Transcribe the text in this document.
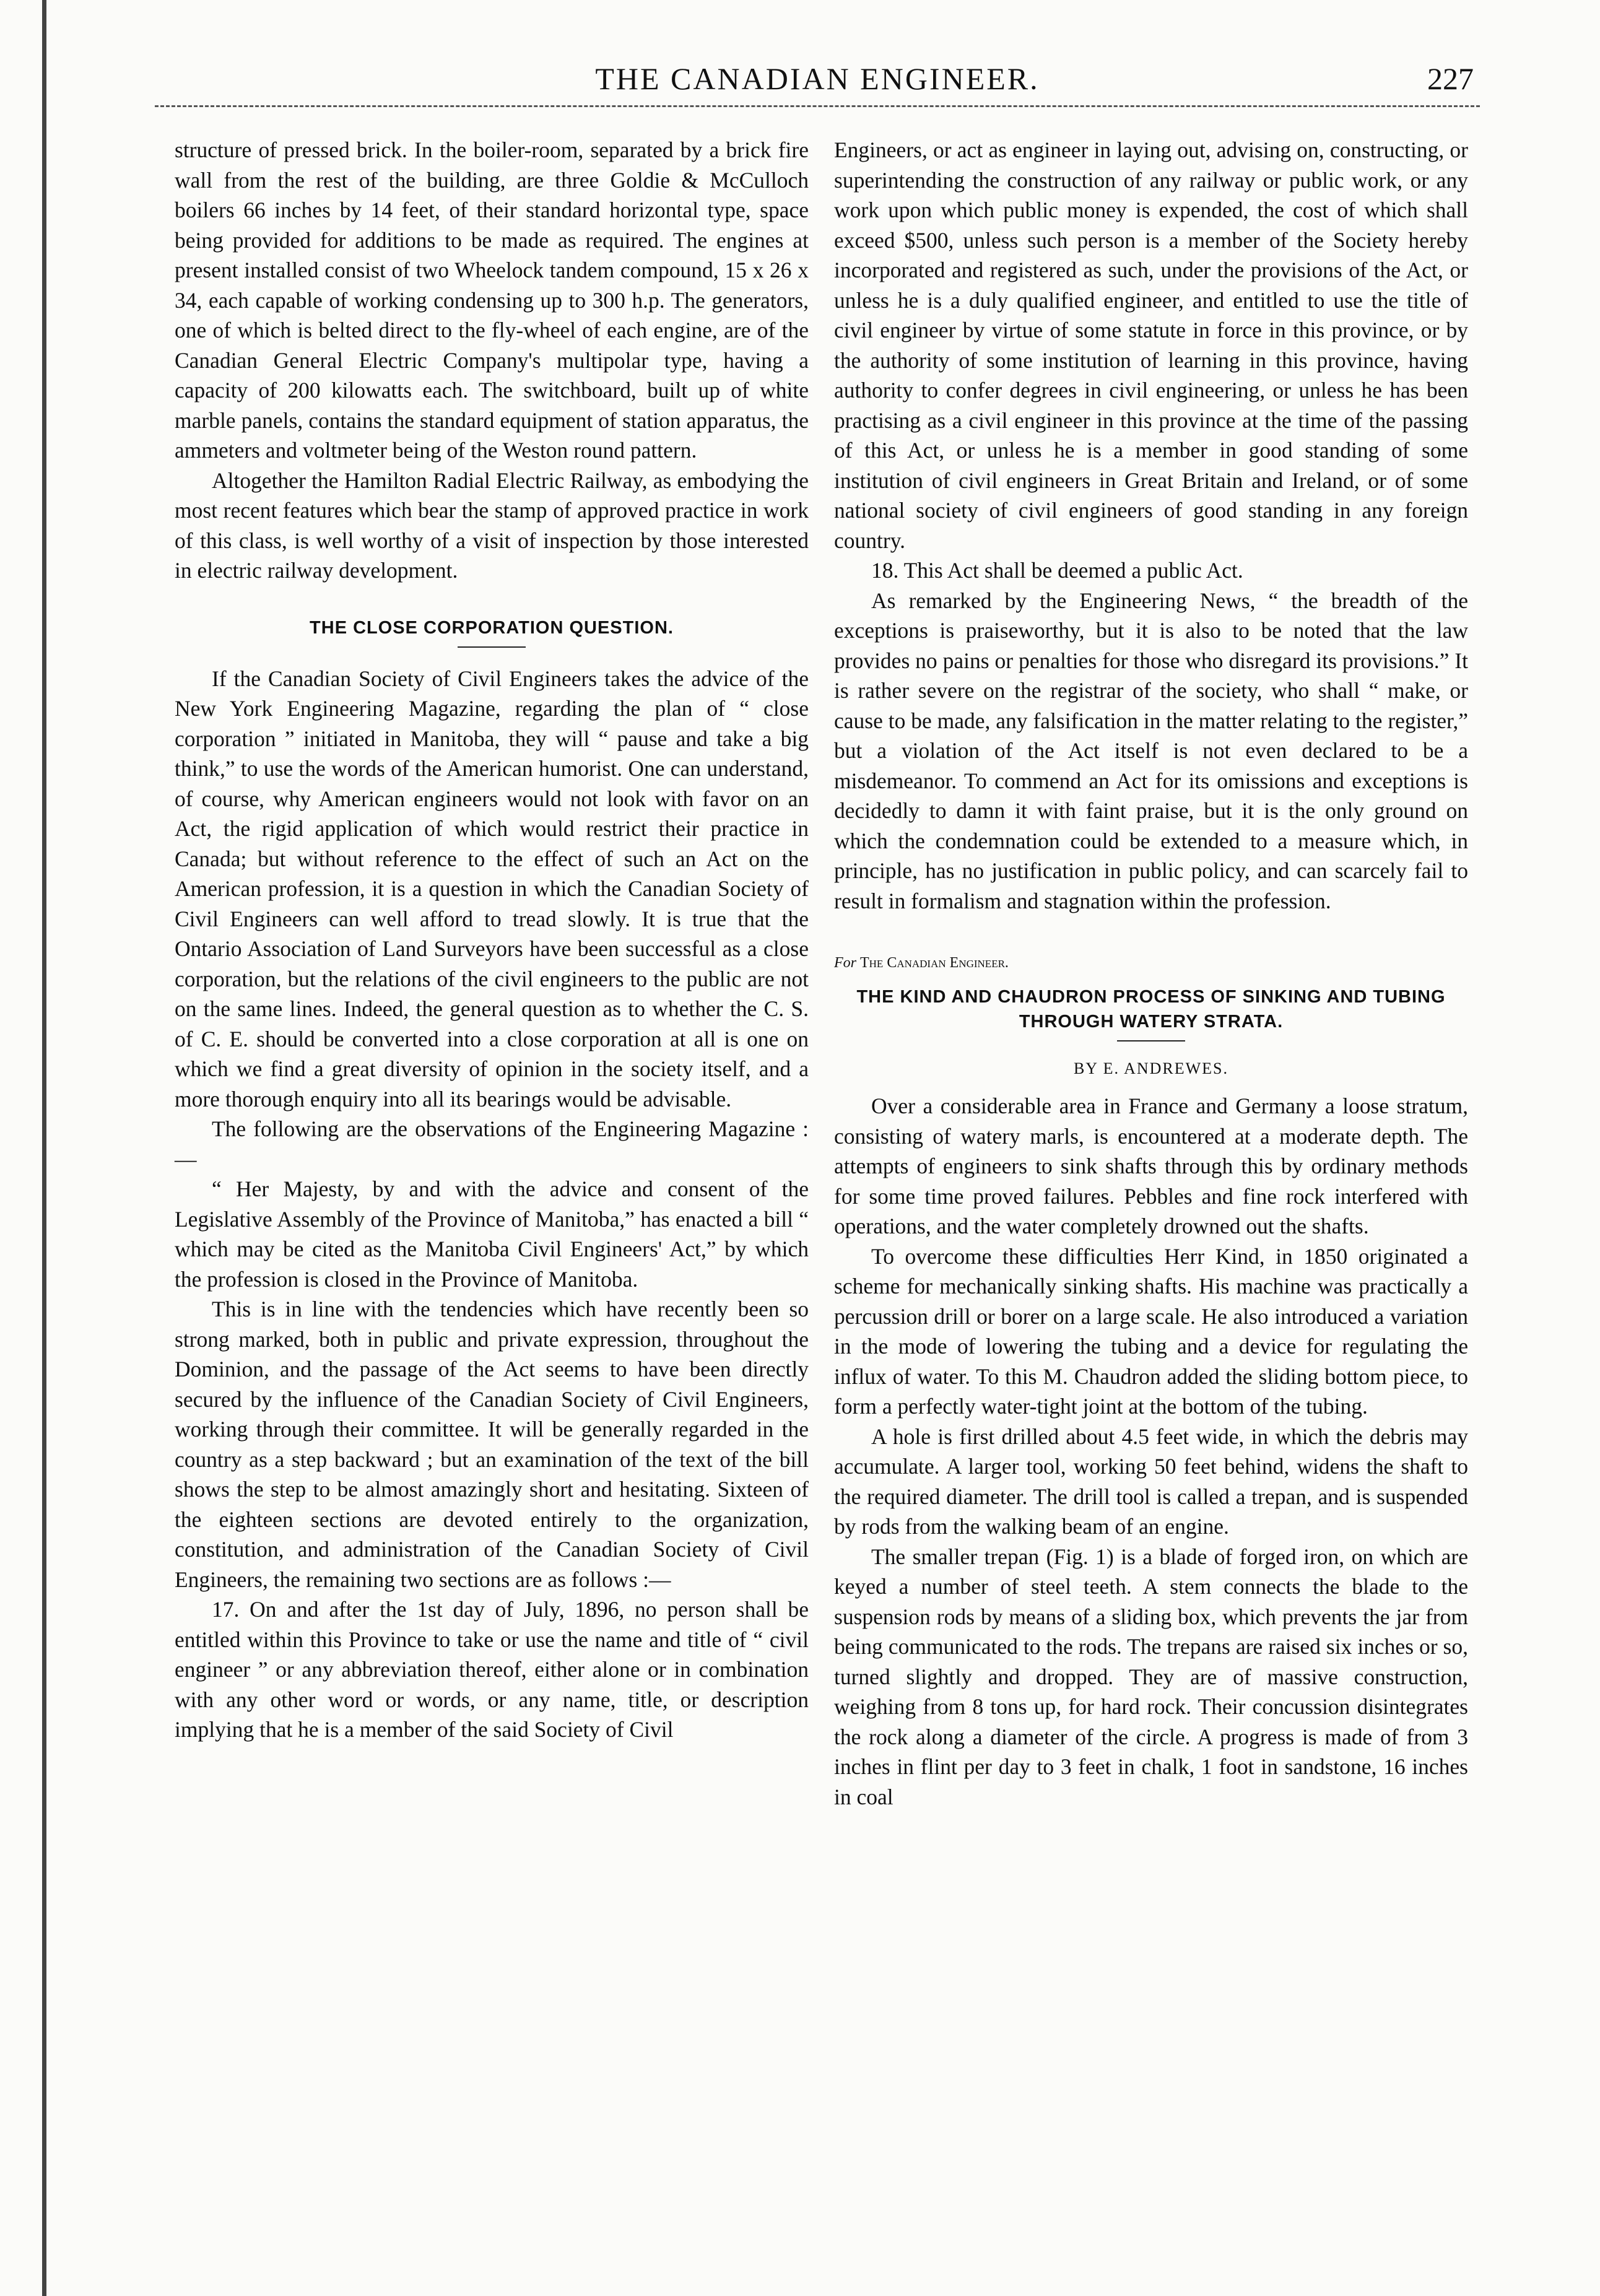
THE CANADIAN ENGINEER.	227

structure of pressed brick. In the boiler-room, separated by a brick fire wall from the rest of the building, are three Goldie & McCulloch boilers 66 inches by 14 feet, of their standard horizontal type, space being provided for additions to be made as required. The engines at present installed consist of two Wheelock tandem compound, 15 x 26 x 34, each capable of working condensing up to 300 h.p. The generators, one of which is belted direct to the fly-wheel of each engine, are of the Canadian General Electric Company's multipolar type, having a capacity of 200 kilowatts each. The switchboard, built up of white marble panels, contains the standard equipment of station apparatus, the ammeters and voltmeter being of the Weston round pattern.

Altogether the Hamilton Radial Electric Railway, as embodying the most recent features which bear the stamp of approved practice in work of this class, is well worthy of a visit of inspection by those interested in electric railway development.

THE CLOSE CORPORATION QUESTION.

If the Canadian Society of Civil Engineers takes the advice of the New York Engineering Magazine, regarding the plan of “ close corporation ” initiated in Manitoba, they will “ pause and take a big think,” to use the words of the American humorist. One can understand, of course, why American engineers would not look with favor on an Act, the rigid application of which would restrict their practice in Canada; but without reference to the effect of such an Act on the American profession, it is a question in which the Canadian Society of Civil Engineers can well afford to tread slowly. It is true that the Ontario Association of Land Surveyors have been successful as a close corporation, but the relations of the civil engineers to the public are not on the same lines. Indeed, the general question as to whether the C. S. of C. E. should be converted into a close corporation at all is one on which we find a great diversity of opinion in the society itself, and a more thorough enquiry into all its bearings would be advisable.

The following are the observations of the Engineering Magazine :—

“ Her Majesty, by and with the advice and consent of the Legislative Assembly of the Province of Manitoba,” has enacted a bill “ which may be cited as the Manitoba Civil Engineers' Act,” by which the profession is closed in the Province of Manitoba.

This is in line with the tendencies which have recently been so strong marked, both in public and private expression, throughout the Dominion, and the passage of the Act seems to have been directly secured by the influence of the Canadian Society of Civil Engineers, working through their committee. It will be generally regarded in the country as a step backward ; but an examination of the text of the bill shows the step to be almost amazingly short and hesitating. Sixteen of the eighteen sections are devoted entirely to the organization, constitution, and administration of the Canadian Society of Civil Engineers, the remaining two sections are as follows :—

17. On and after the 1st day of July, 1896, no person shall be entitled within this Province to take or use the name and title of “ civil engineer ” or any abbreviation thereof, either alone or in combination with any other word or words, or any name, title, or description implying that he is a member of the said Society of Civil

Engineers, or act as engineer in laying out, advising on, constructing, or superintending the construction of any railway or public work, or any work upon which public money is expended, the cost of which shall exceed $500, unless such person is a member of the Society hereby incorporated and registered as such, under the provisions of the Act, or unless he is a duly qualified engineer, and entitled to use the title of civil engineer by virtue of some statute in force in this province, or by the authority of some institution of learning in this province, having authority to confer degrees in civil engineering, or unless he has been practising as a civil engineer in this province at the time of the passing of this Act, or unless he is a member in good standing of some institution of civil engineers in Great Britain and Ireland, or of some national society of civil engineers of good standing in any foreign country.

18. This Act shall be deemed a public Act.

As remarked by the Engineering News, “ the breadth of the exceptions is praiseworthy, but it is also to be noted that the law provides no pains or penalties for those who disregard its provisions.” It is rather severe on the registrar of the society, who shall “ make, or cause to be made, any falsification in the matter relating to the register,” but a violation of the Act itself is not even declared to be a misdemeanor. To commend an Act for its omissions and exceptions is decidedly to damn it with faint praise, but it is the only ground on which the condemnation could be extended to a measure which, in principle, has no justification in public policy, and can scarcely fail to result in formalism and stagnation within the profession.

For The Canadian Engineer.

THE KIND AND CHAUDRON PROCESS OF SINKING AND TUBING THROUGH WATERY STRATA.
BY E. ANDREWES.

Over a considerable area in France and Germany a loose stratum, consisting of watery marls, is encountered at a moderate depth. The attempts of engineers to sink shafts through this by ordinary methods for some time proved failures. Pebbles and fine rock interfered with operations, and the water completely drowned out the shafts.

To overcome these difficulties Herr Kind, in 1850 originated a scheme for mechanically sinking shafts. His machine was practically a percussion drill or borer on a large scale. He also introduced a variation in the mode of lowering the tubing and a device for regulating the influx of water. To this M. Chaudron added the sliding bottom piece, to form a perfectly water-tight joint at the bottom of the tubing.

A hole is first drilled about 4.5 feet wide, in which the debris may accumulate. A larger tool, working 50 feet behind, widens the shaft to the required diameter. The drill tool is called a trepan, and is suspended by rods from the walking beam of an engine.

The smaller trepan (Fig. 1) is a blade of forged iron, on which are keyed a number of steel teeth. A stem connects the blade to the suspension rods by means of a sliding box, which prevents the jar from being communicated to the rods. The trepans are raised six inches or so, turned slightly and dropped. They are of massive construction, weighing from 8 tons up, for hard rock. Their concussion disintegrates the rock along a diameter of the circle. A progress is made of from 3 inches in flint per day to 3 feet in chalk, 1 foot in sandstone, 16 inches in coal
